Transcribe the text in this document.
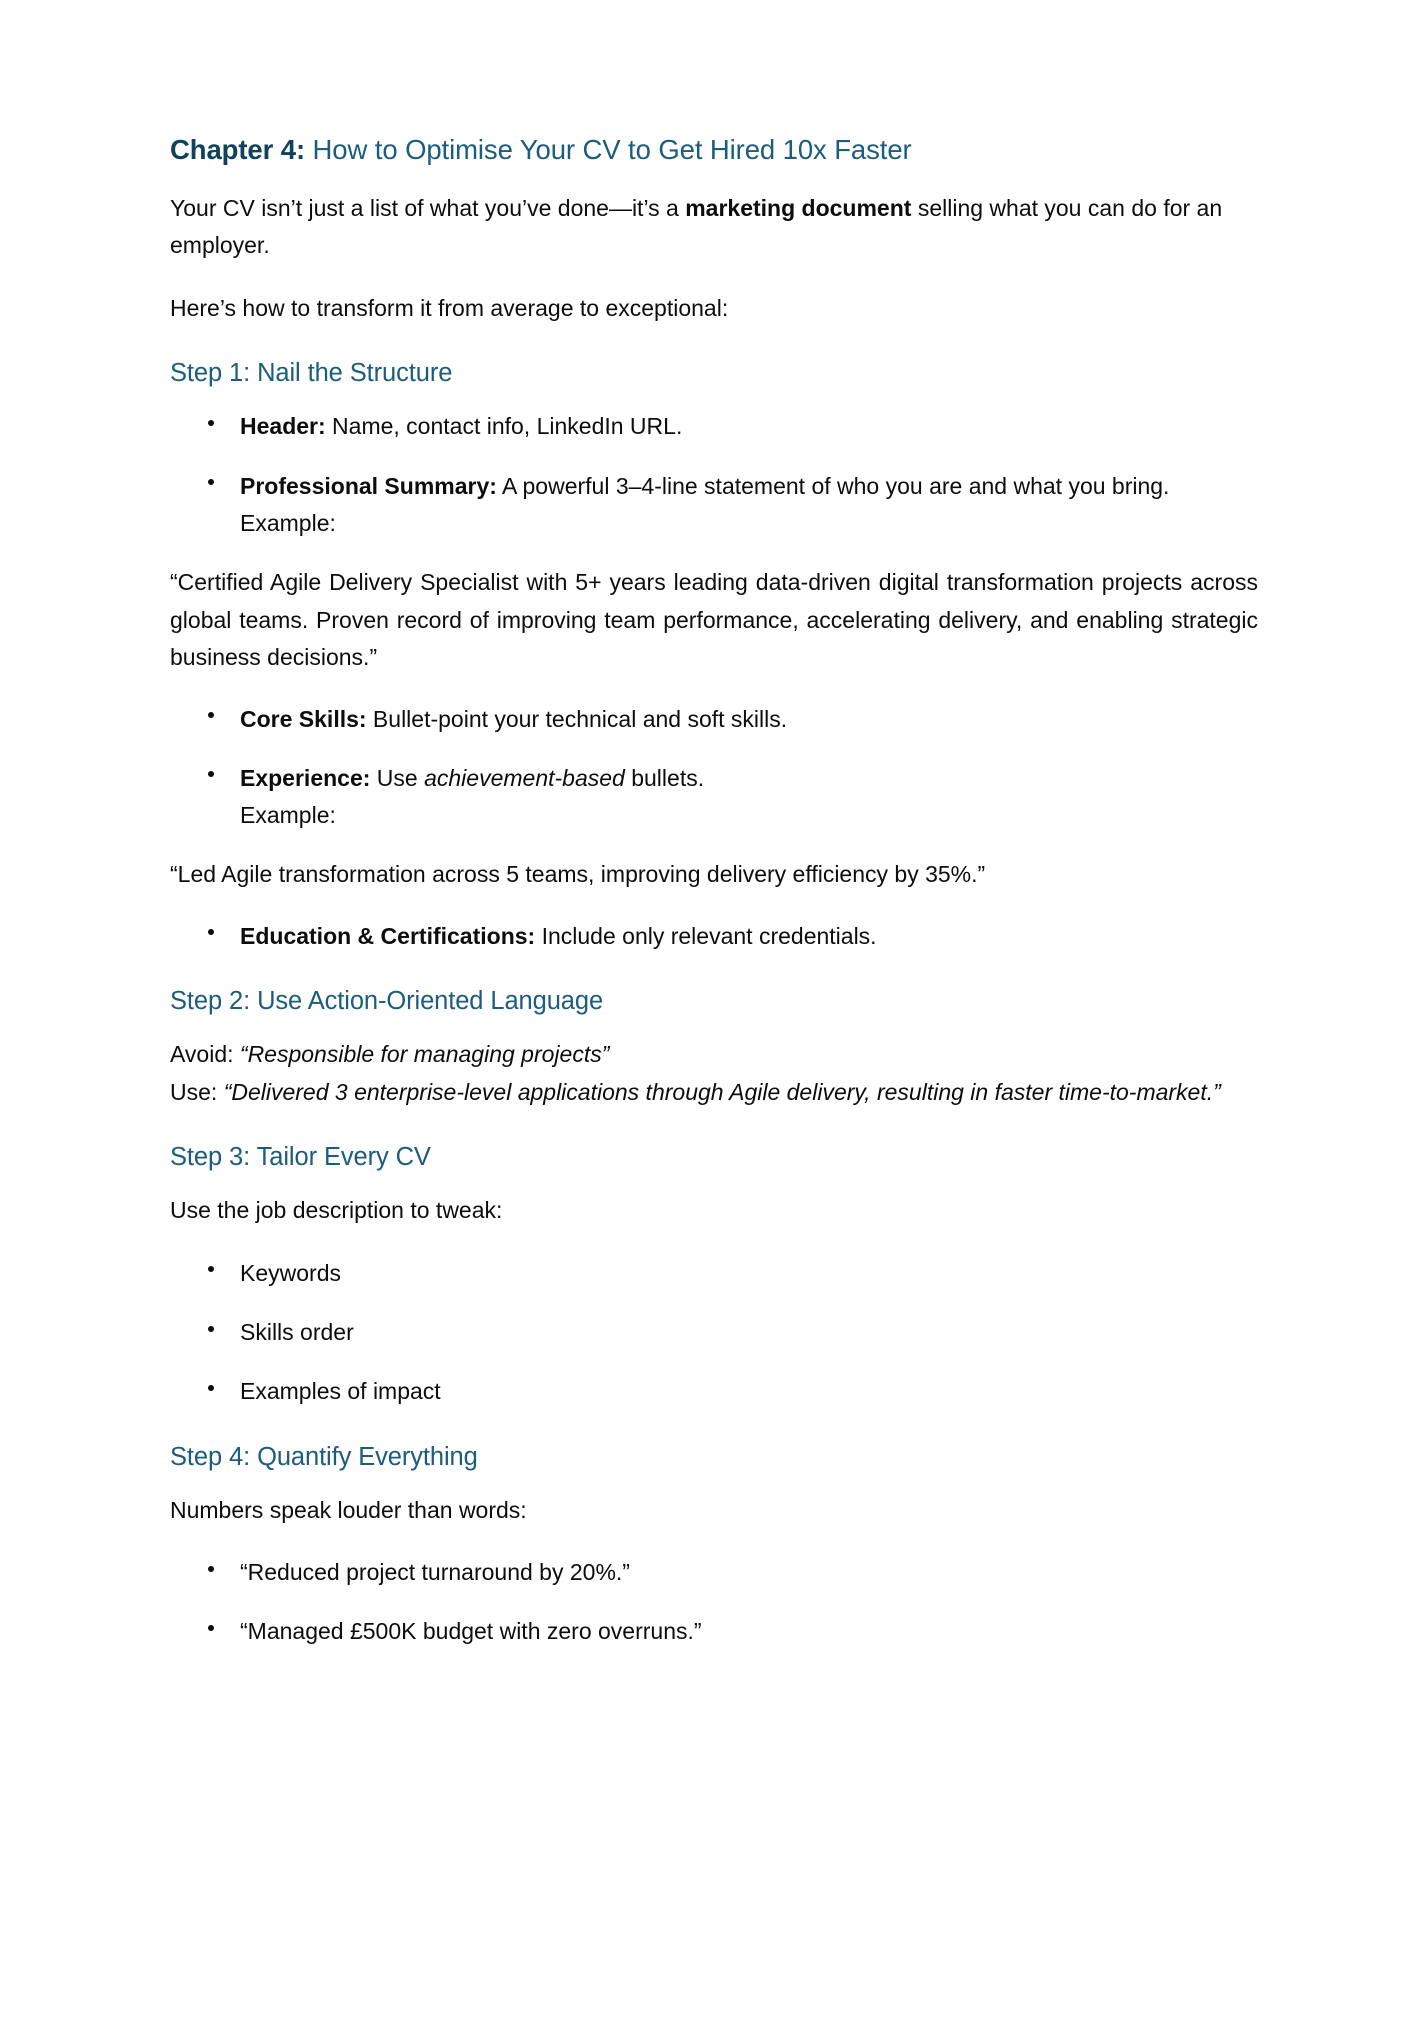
Chapter 4: How to Optimise Your CV to Get Hired 10x Faster

Your CV isn’t just a list of what you’ve done—it’s a marketing document selling what you can do for an employer.

Here’s how to transform it from average to exceptional:

Step 1: Nail the Structure
Header: Name, contact info, LinkedIn URL.
Professional Summary: A powerful 3–4-line statement of who you are and what you bring.
Example:

“Certified Agile Delivery Specialist with 5+ years leading data-driven digital transformation projects across global teams. Proven record of improving team performance, accelerating delivery, and enabling strategic business decisions.”

Core Skills: Bullet-point your technical and soft skills.
Experience: Use achievement-based bullets.
Example:

“Led Agile transformation across 5 teams, improving delivery efficiency by 35%.”

Education & Certifications: Include only relevant credentials.
Step 2: Use Action-Oriented Language

Avoid: “Responsible for managing projects”
Use: “Delivered 3 enterprise-level applications through Agile delivery, resulting in faster time-to-market.”

Step 3: Tailor Every CV

Use the job description to tweak:

Keywords
Skills order
Examples of impact
Step 4: Quantify Everything

Numbers speak louder than words:

“Reduced project turnaround by 20%.”
“Managed £500K budget with zero overruns.”
